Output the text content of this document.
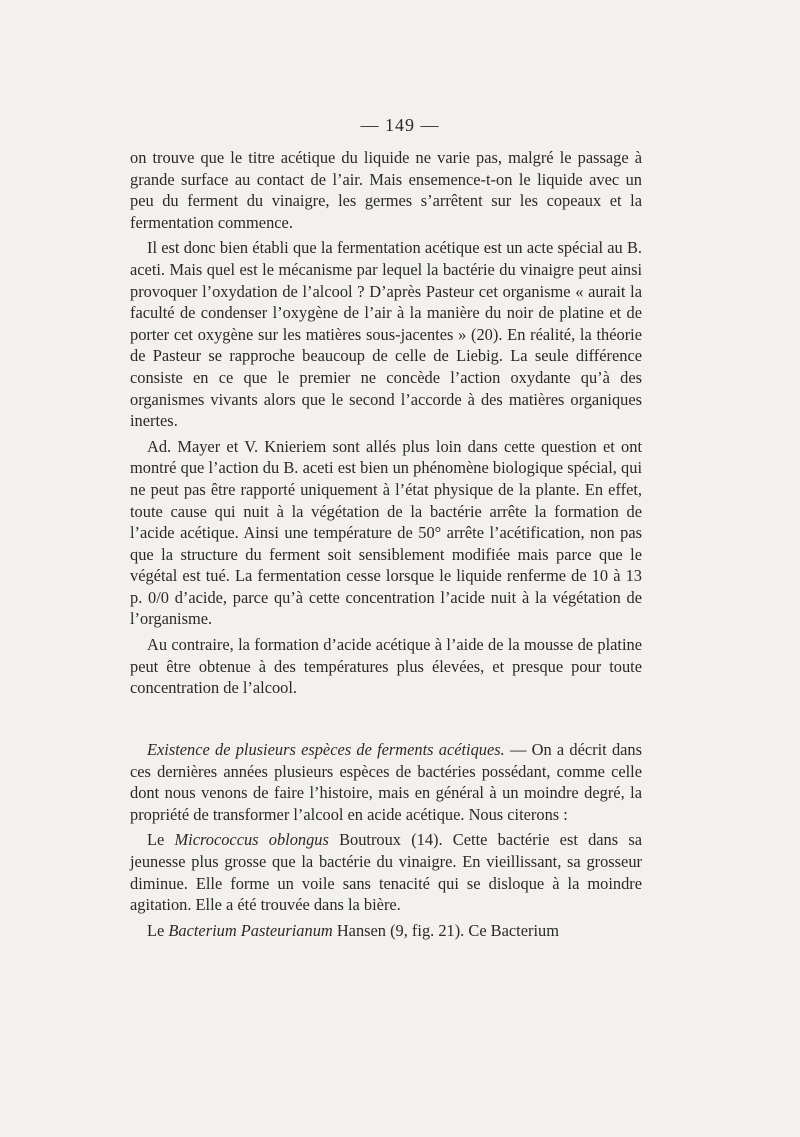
— 149 —

on trouve que le titre acétique du liquide ne varie pas, malgré le passage à grande surface au contact de l’air. Mais ensemence-t-on le liquide avec un peu du ferment du vinaigre, les germes s’arrêtent sur les copeaux et la fermentation commence.

Il est donc bien établi que la fermentation acétique est un acte spécial au B. aceti. Mais quel est le mécanisme par lequel la bactérie du vinaigre peut ainsi provoquer l’oxydation de l’alcool ? D’après Pasteur cet organisme « aurait la faculté de condenser l’oxygène de l’air à la manière du noir de platine et de porter cet oxygène sur les matières sous-jacentes » (20). En réalité, la théorie de Pasteur se rapproche beaucoup de celle de Liebig. La seule différence consiste en ce que le premier ne concède l’action oxydante qu’à des organismes vivants alors que le second l’accorde à des matières organiques inertes.

Ad. Mayer et V. Knieriem sont allés plus loin dans cette question et ont montré que l’action du B. aceti est bien un phénomène biologique spécial, qui ne peut pas être rapporté uniquement à l’état physique de la plante. En effet, toute cause qui nuit à la végétation de la bactérie arrête la formation de l’acide acétique. Ainsi une température de 50° arrête l’acétification, non pas que la structure du ferment soit sensiblement modifiée mais parce que le végétal est tué. La fermentation cesse lorsque le liquide renferme de 10 à 13 p. 0/0 d’acide, parce qu’à cette concentration l’acide nuit à la végétation de l’organisme.

Au contraire, la formation d’acide acétique à l’aide de la mousse de platine peut être obtenue à des températures plus élevées, et presque pour toute concentration de l’alcool.

Existence de plusieurs espèces de ferments acétiques. — On a décrit dans ces dernières années plusieurs espèces de bactéries possédant, comme celle dont nous venons de faire l’histoire, mais en général à un moindre degré, la propriété de transformer l’alcool en acide acétique. Nous citerons :

Le Micrococcus oblongus Boutroux (14). Cette bactérie est dans sa jeunesse plus grosse que la bactérie du vinaigre. En vieillissant, sa grosseur diminue. Elle forme un voile sans tenacité qui se disloque à la moindre agitation. Elle a été trouvée dans la bière.

Le Bacterium Pasteurianum Hansen (9, fig. 21). Ce Bacterium
